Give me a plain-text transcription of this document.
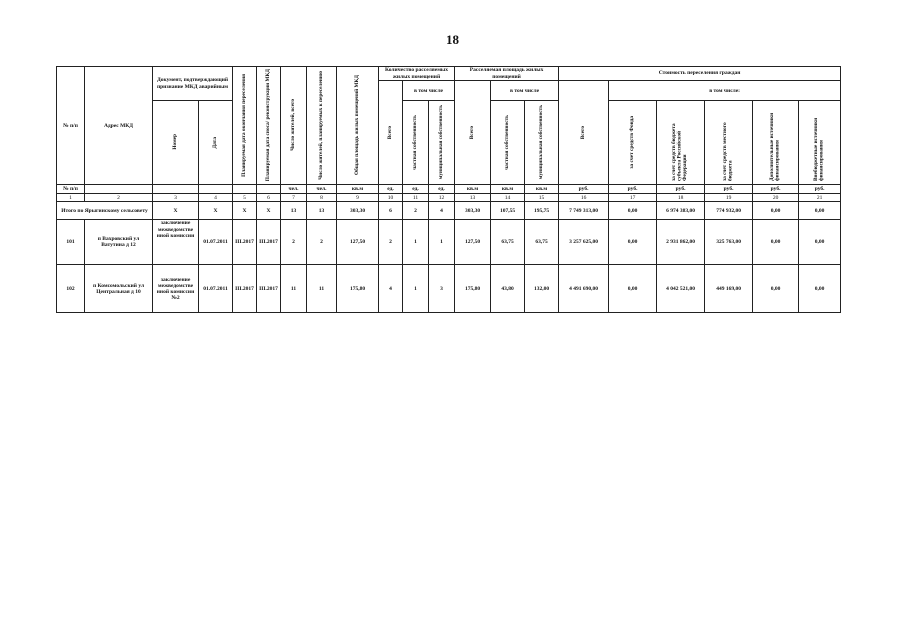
18
№ п/п	Адрес МКД	Документ, подтверждающий признание МКД аварийным		Планируемая дата окончания переселения	Планируемая дата сноса/ реконструкции МКД	Число жителей, всего	Число жителей, планируемых к переселению	Общая площадь жилых помещений МКД	Количество расселяемых жилых помещений			Расселяемая площадь жилых помещений			Стоимость переселения граждан					
									Всего	в том числе		Всего	в том числе		Всего	в том числе:				
		Номер	Дата							частная собственность	муниципальная собственность		частная собственность	муниципальная собственность		за счет средств Фонда	за счет средств бюджета субъекта Российской Федерации	за счет средств местного бюджета	Дополнительные источники финансирования	Внебюджетные источники финансирования
№ п/п						чел.	чел.	кв.м	ед.	ед.	ед.	кв.м	кв.м	кв.м	руб.	руб.	руб.	руб.	руб.	руб.
1	2	3	4	5	6	7	8	9	10	11	12	13	14	15	16	17	18	19	20	21
Итого по Ярыгинскому сельсовету		X	X	X	X	13	13	303,30	6	2	4	303,30	107,55	195,75	7 749 313,00	0,00	6 974 383,00	774 932,00	0,00	0,00
101	п Вахровский ул Ватутина д 12	заключение межведомстве нной комиссии	01.07.2011	III.2017	III.2017	2	2	127,50	2	1	1	127,50	63,75	63,75	3 257 625,00	0,00	2 931 862,00	325 763,00	0,00	0,00
102	п Комсомольский ул Центральная д 10	заключение межведомстве нной комиссии №2	01.07.2011	III.2017	III.2017	11	11	175,80	4	1	3	175,80	43,80	132,00	4 491 690,00	0,00	4 042 521,00	449 169,00	0,00	0,00
